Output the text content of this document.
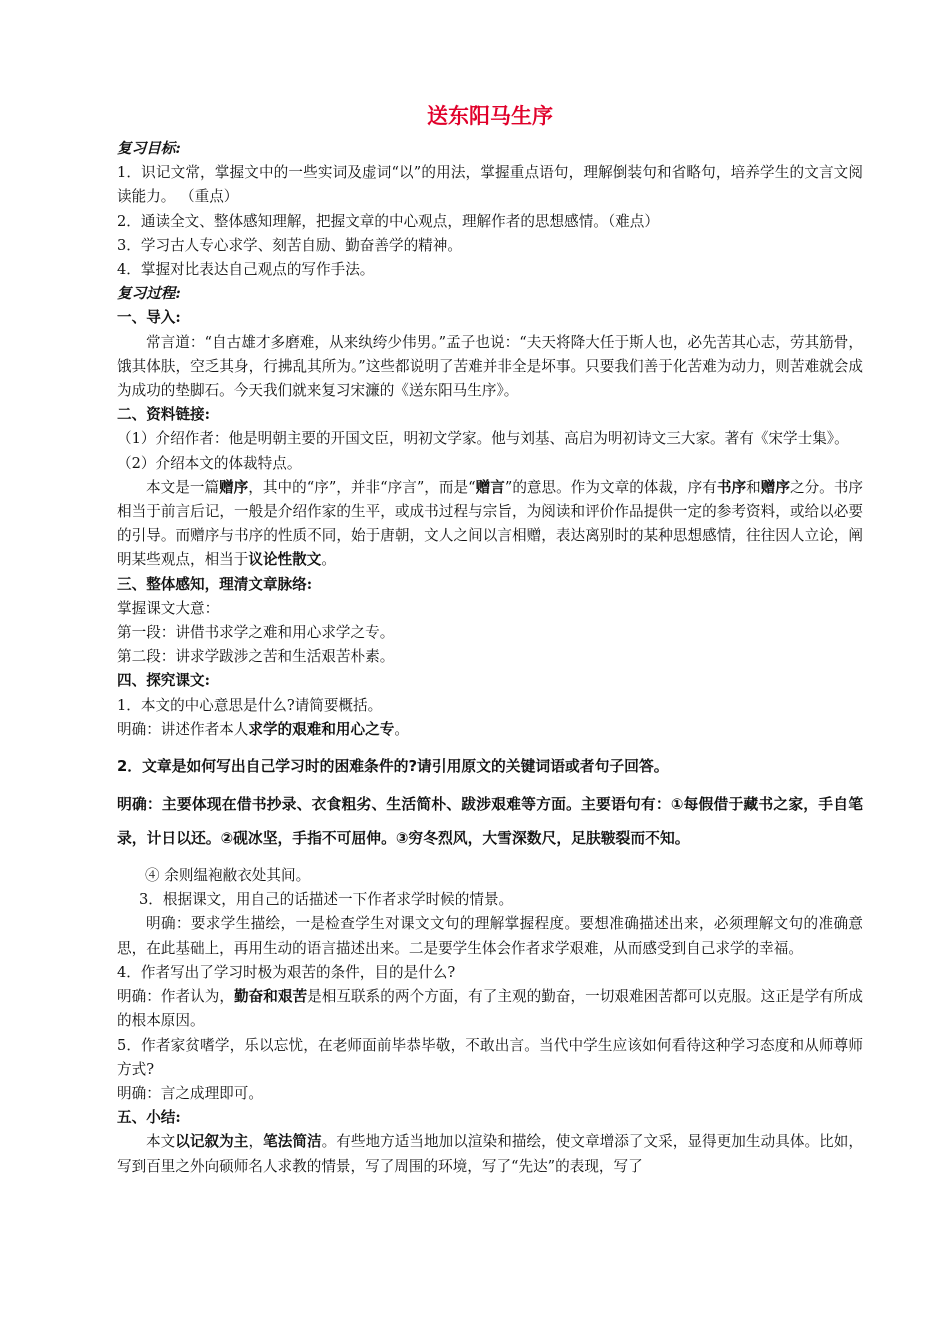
送东阳马生序

复习目标:

1．识记文常，掌握文中的一些实词及虚词“以”的用法，掌握重点语句，理解倒装句和省略句，培养学生的文言文阅读能力。 （重点）

2．通读全文、整体感知理解，把握文章的中心观点，理解作者的思想感情。（难点）

3．学习古人专心求学、刻苦自励、勤奋善学的精神。

4．掌握对比表达自己观点的写作手法。

复习过程:

一、导入:

常言道：“自古雄才多磨难，从来纨绔少伟男。”孟子也说：“夫天将降大任于斯人也，必先苦其心志，劳其筋骨，饿其体肤，空乏其身，行拂乱其所为。”这些都说明了苦难并非全是坏事。只要我们善于化苦难为动力，则苦难就会成为成功的垫脚石。今天我们就来复习宋濂的《送东阳马生序》。

二、资料链接:

（1）介绍作者：他是明朝主要的开国文臣，明初文学家。他与刘基、高启为明初诗文三大家。著有《宋学士集》。

（2）介绍本文的体裁特点。

本文是一篇赠序，其中的“序”，并非“序言”，而是“赠言”的意思。作为文章的体裁，序有书序和赠序之分。书序相当于前言后记，一般是介绍作家的生平，或成书过程与宗旨，为阅读和评价作品提供一定的参考资料，或给以必要的引导。而赠序与书序的性质不同，始于唐朝，文人之间以言相赠，表达离别时的某种思想感情，往往因人立论，阐明某些观点，相当于议论性散文。

三、整体感知，理清文章脉络:

掌握课文大意：

第一段：讲借书求学之难和用心求学之专。

第二段：讲求学跋涉之苦和生活艰苦朴素。

四、探究课文:

1．本文的中心意思是什么?请简要概括。

明确：讲述作者本人求学的艰难和用心之专。

2．文章是如何写出自己学习时的困难条件的?请引用原文的关键词语或者句子回答。

明确：主要体现在借书抄录、衣食粗劣、生活简朴、跋涉艰难等方面。主要语句有：①每假借于藏书之家，手自笔录，计日以还。②砚冰坚，手指不可屈伸。③穷冬烈风，大雪深数尺，足肤皲裂而不知。

④ 余则缊袍敝衣处其间。

3．根据课文，用自己的话描述一下作者求学时候的情景。

明确：要求学生描绘，一是检查学生对课文文句的理解掌握程度。要想准确描述出来，必须理解文句的准确意思，在此基础上，再用生动的语言描述出来。二是要学生体会作者求学艰难，从而感受到自己求学的幸福。

4．作者写出了学习时极为艰苦的条件，目的是什么?

明确：作者认为，勤奋和艰苦是相互联系的两个方面，有了主观的勤奋，一切艰难困苦都可以克服。这正是学有所成的根本原因。

5．作者家贫嗜学，乐以忘忧，在老师面前毕恭毕敬，不敢出言。当代中学生应该如何看待这种学习态度和从师尊师方式?

明确：言之成理即可。

五、小结:

本文以记叙为主，笔法简洁。有些地方适当地加以渲染和描绘，使文章增添了文采，显得更加生动具体。比如，写到百里之外向硕师名人求教的情景，写了周围的环境，写了“先达”的表现，写了
